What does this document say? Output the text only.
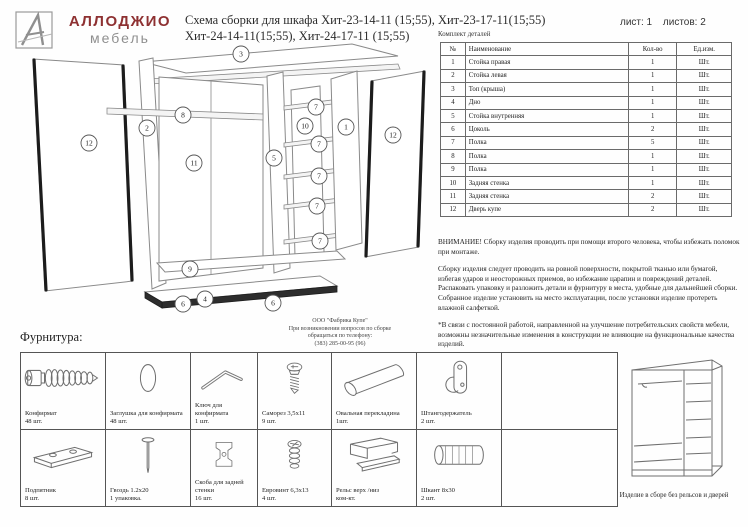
АЛЛОДЖИО
мебель
Схема сборки для шкафа Хит-23-14-11 (15;55), Хит-23-17-11(15;55)
Хит-24-14-11(15;55), Хит-24-17-11 (15;55)
лист: 1 листов: 2
Комплект деталей
№	Наименование	Кол-во	Ед.изм.
1	Стойка правая	1	Шт.
2	Стойка левая	1	Шт.
3	Топ (крыша)	1	Шт.
4	Дно	1	Шт.
5	Стойка внутренняя	1	Шт.
6	Цоколь	2	Шт.
7	Полка	5	Шт.
8	Полка	1	Шт.
9	Полка	1	Шт.
10	Задняя стенка	1	Шт.
11	Задняя стенка	2	Шт.
12	Дверь купе	2	Шт.

ВНИМАНИЕ! Сборку изделия проводить при помощи второго человека, чтобы избежать поломок при монтаже.

Сборку изделия следует проводить на ровной поверхности, покрытой тканью или бумагой, избегая ударов и неосторожных приемов, во избежание царапин и повреждений деталей.

Распаковать упаковку и разложить детали и фурнитуру в места, удобные для дальнейшей сборки.

Собранное изделие установить на место эксплуатации, после установки изделие протереть влажной салфеткой.

*В связи с постоянной работой, направленной на улучшение потребительских свойств мебели, возможны незначительные изменения в конструкции не влияющие на функциональные качества изделий.

ООО "Фабрика Купе"
При возникновении вопросов по сборке
обращаться по телефону:
(383) 285-00-95 (96)
3
12
2
8
11
5
10
7
7
7
7
7
1
12
9
6
4	6
Фурнитура:
Конфирмат
48 шт.
Заглушка для конфирмата
48 шт.
Ключ для конфирмата
1 шт.
Саморез 3,5х11
9 шт.
Овальная перекладина
1шт.
Штангодержатель
2 шт.
Подпятник
8 шт.
Гвоздь 1.2х20
1 упаковка.
Скоба для задней стенки
16 шт.
Евровинт 6,3х13
4 шт.
Рельс верх /низ
ком-кт.
Шкант 8х30
2 шт.	Изделие в сборе без рельсов и дверей
